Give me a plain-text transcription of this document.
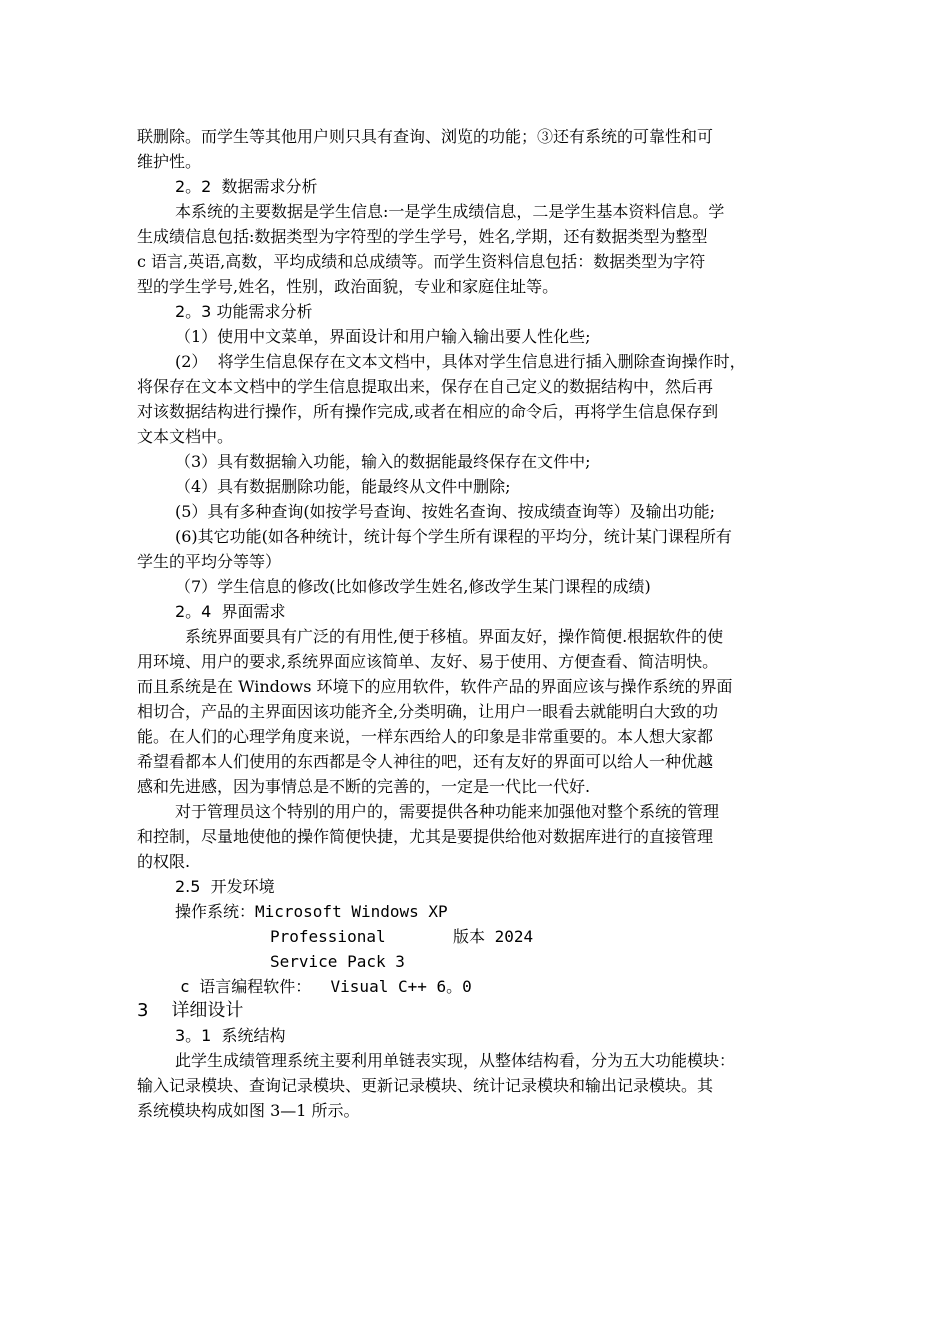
联删除。而学生等其他用户则只具有查询、浏览的功能；③还有系统的可靠性和可
维护性。
2。2  数据需求分析
本系统的主要数据是学生信息:一是学生成绩信息，二是学生基本资料信息。学
生成绩信息包括:数据类型为字符型的学生学号，姓名,学期，还有数据类型为整型
c 语言,英语,高数，平均成绩和总成绩等。而学生资料信息包括：数据类型为字符
型的学生学号,姓名，性别，政治面貌，专业和家庭住址等。
2。3 功能需求分析
（1）使用中文菜单，界面设计和用户输入输出要人性化些;
(2）  将学生信息保存在文本文档中，具体对学生信息进行插入删除查询操作时，
将保存在文本文档中的学生信息提取出来，保存在自己定义的数据结构中，然后再
对该数据结构进行操作，所有操作完成,或者在相应的命令后，再将学生信息保存到
文本文档中。
（3）具有数据输入功能，输入的数据能最终保存在文件中;
（4）具有数据删除功能，能最终从文件中删除;
(5）具有多种查询(如按学号查询、按姓名查询、按成绩查询等）及输出功能;
(6)其它功能(如各种统计，统计每个学生所有课程的平均分，统计某门课程所有
学生的平均分等等）
（7）学生信息的修改(比如修改学生姓名,修改学生某门课程的成绩)
2。4  界面需求
系统界面要具有广泛的有用性,便于移植。界面友好，操作简便.根据软件的使
用环境、用户的要求,系统界面应该简单、友好、易于使用、方便查看、简洁明快。
而且系统是在 Windows 环境下的应用软件，软件产品的界面应该与操作系统的界面
相切合，产品的主界面因该功能齐全,分类明确，让用户一眼看去就能明白大致的功
能。在人们的心理学角度来说，一样东西给人的印象是非常重要的。本人想大家都
希望看都本人们使用的东西都是令人神往的吧，还有友好的界面可以给人一种优越
感和先进感，因为事情总是不断的完善的，一定是一代比一代好.
对于管理员这个特别的用户的，需要提供各种功能来加强他对整个系统的管理
和控制，尽量地使他的操作简便快捷，尤其是要提供给他对数据库进行的直接管理
的权限.
2.5  开发环境
操作系统：Microsoft Windows XP
Professional       版本 2024
Service Pack 3
c 语言编程软件：  Visual C++ 6。0
3    详细设计
3。1  系统结构
此学生成绩管理系统主要利用单链表实现，从整体结构看，分为五大功能模块：
输入记录模块、查询记录模块、更新记录模块、统计记录模块和输出记录模块。其
系统模块构成如图 3—1 所示。
